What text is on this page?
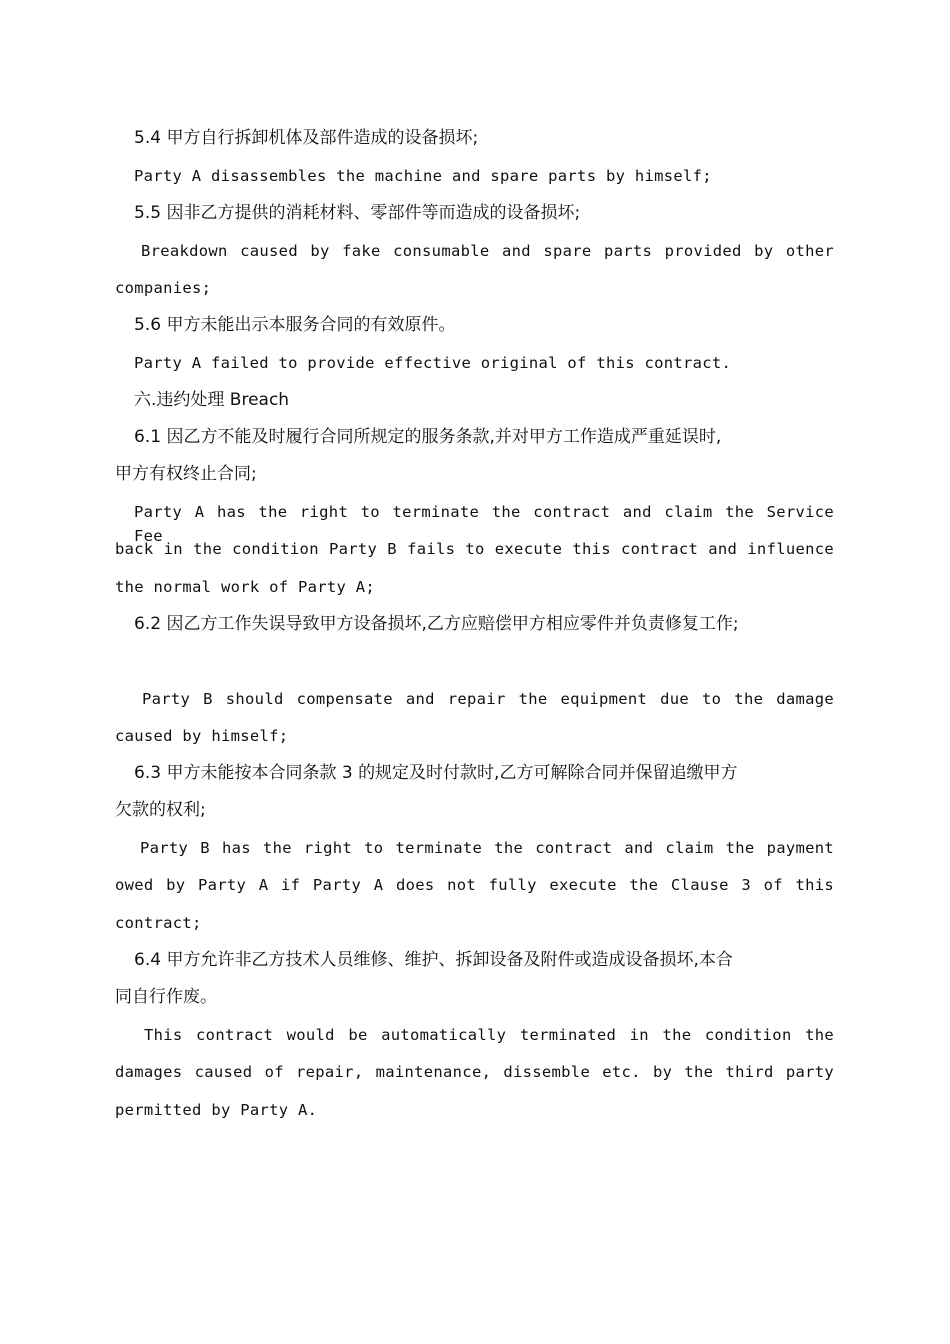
5.4 甲方自行拆卸机体及部件造成的设备损坏;
Party A disassembles the machine and spare parts by himself;
5.5 因非乙方提供的消耗材料、零部件等而造成的设备损坏;
Breakdown caused by fake consumable and spare parts provided by other
companies;
5.6 甲方未能出示本服务合同的有效原件。
Party A failed to provide effective original of this contract.
六.违约处理 Breach
6.1 因乙方不能及时履行合同所规定的服务条款,并对甲方工作造成严重延误时,
甲方有权终止合同;
Party A has the right to terminate the contract and claim the Service Fee
back in the condition Party B fails to execute this contract and influence
the normal work of Party A;
6.2 因乙方工作失误导致甲方设备损坏,乙方应赔偿甲方相应零件并负责修复工作;
Party B should compensate and repair the equipment due to the damage
caused by himself;
6.3 甲方未能按本合同条款 3 的规定及时付款时,乙方可解除合同并保留追缴甲方
欠款的权利;
Party B has the right to terminate the contract and claim the payment
owed by Party A if Party A does not fully execute the Clause 3 of this
contract;
6.4 甲方允许非乙方技术人员维修、维护、拆卸设备及附件或造成设备损坏,本合
同自行作废。
This contract would be automatically terminated in the condition the
damages caused of repair, maintenance, dissemble etc. by the third party
permitted by Party A.
